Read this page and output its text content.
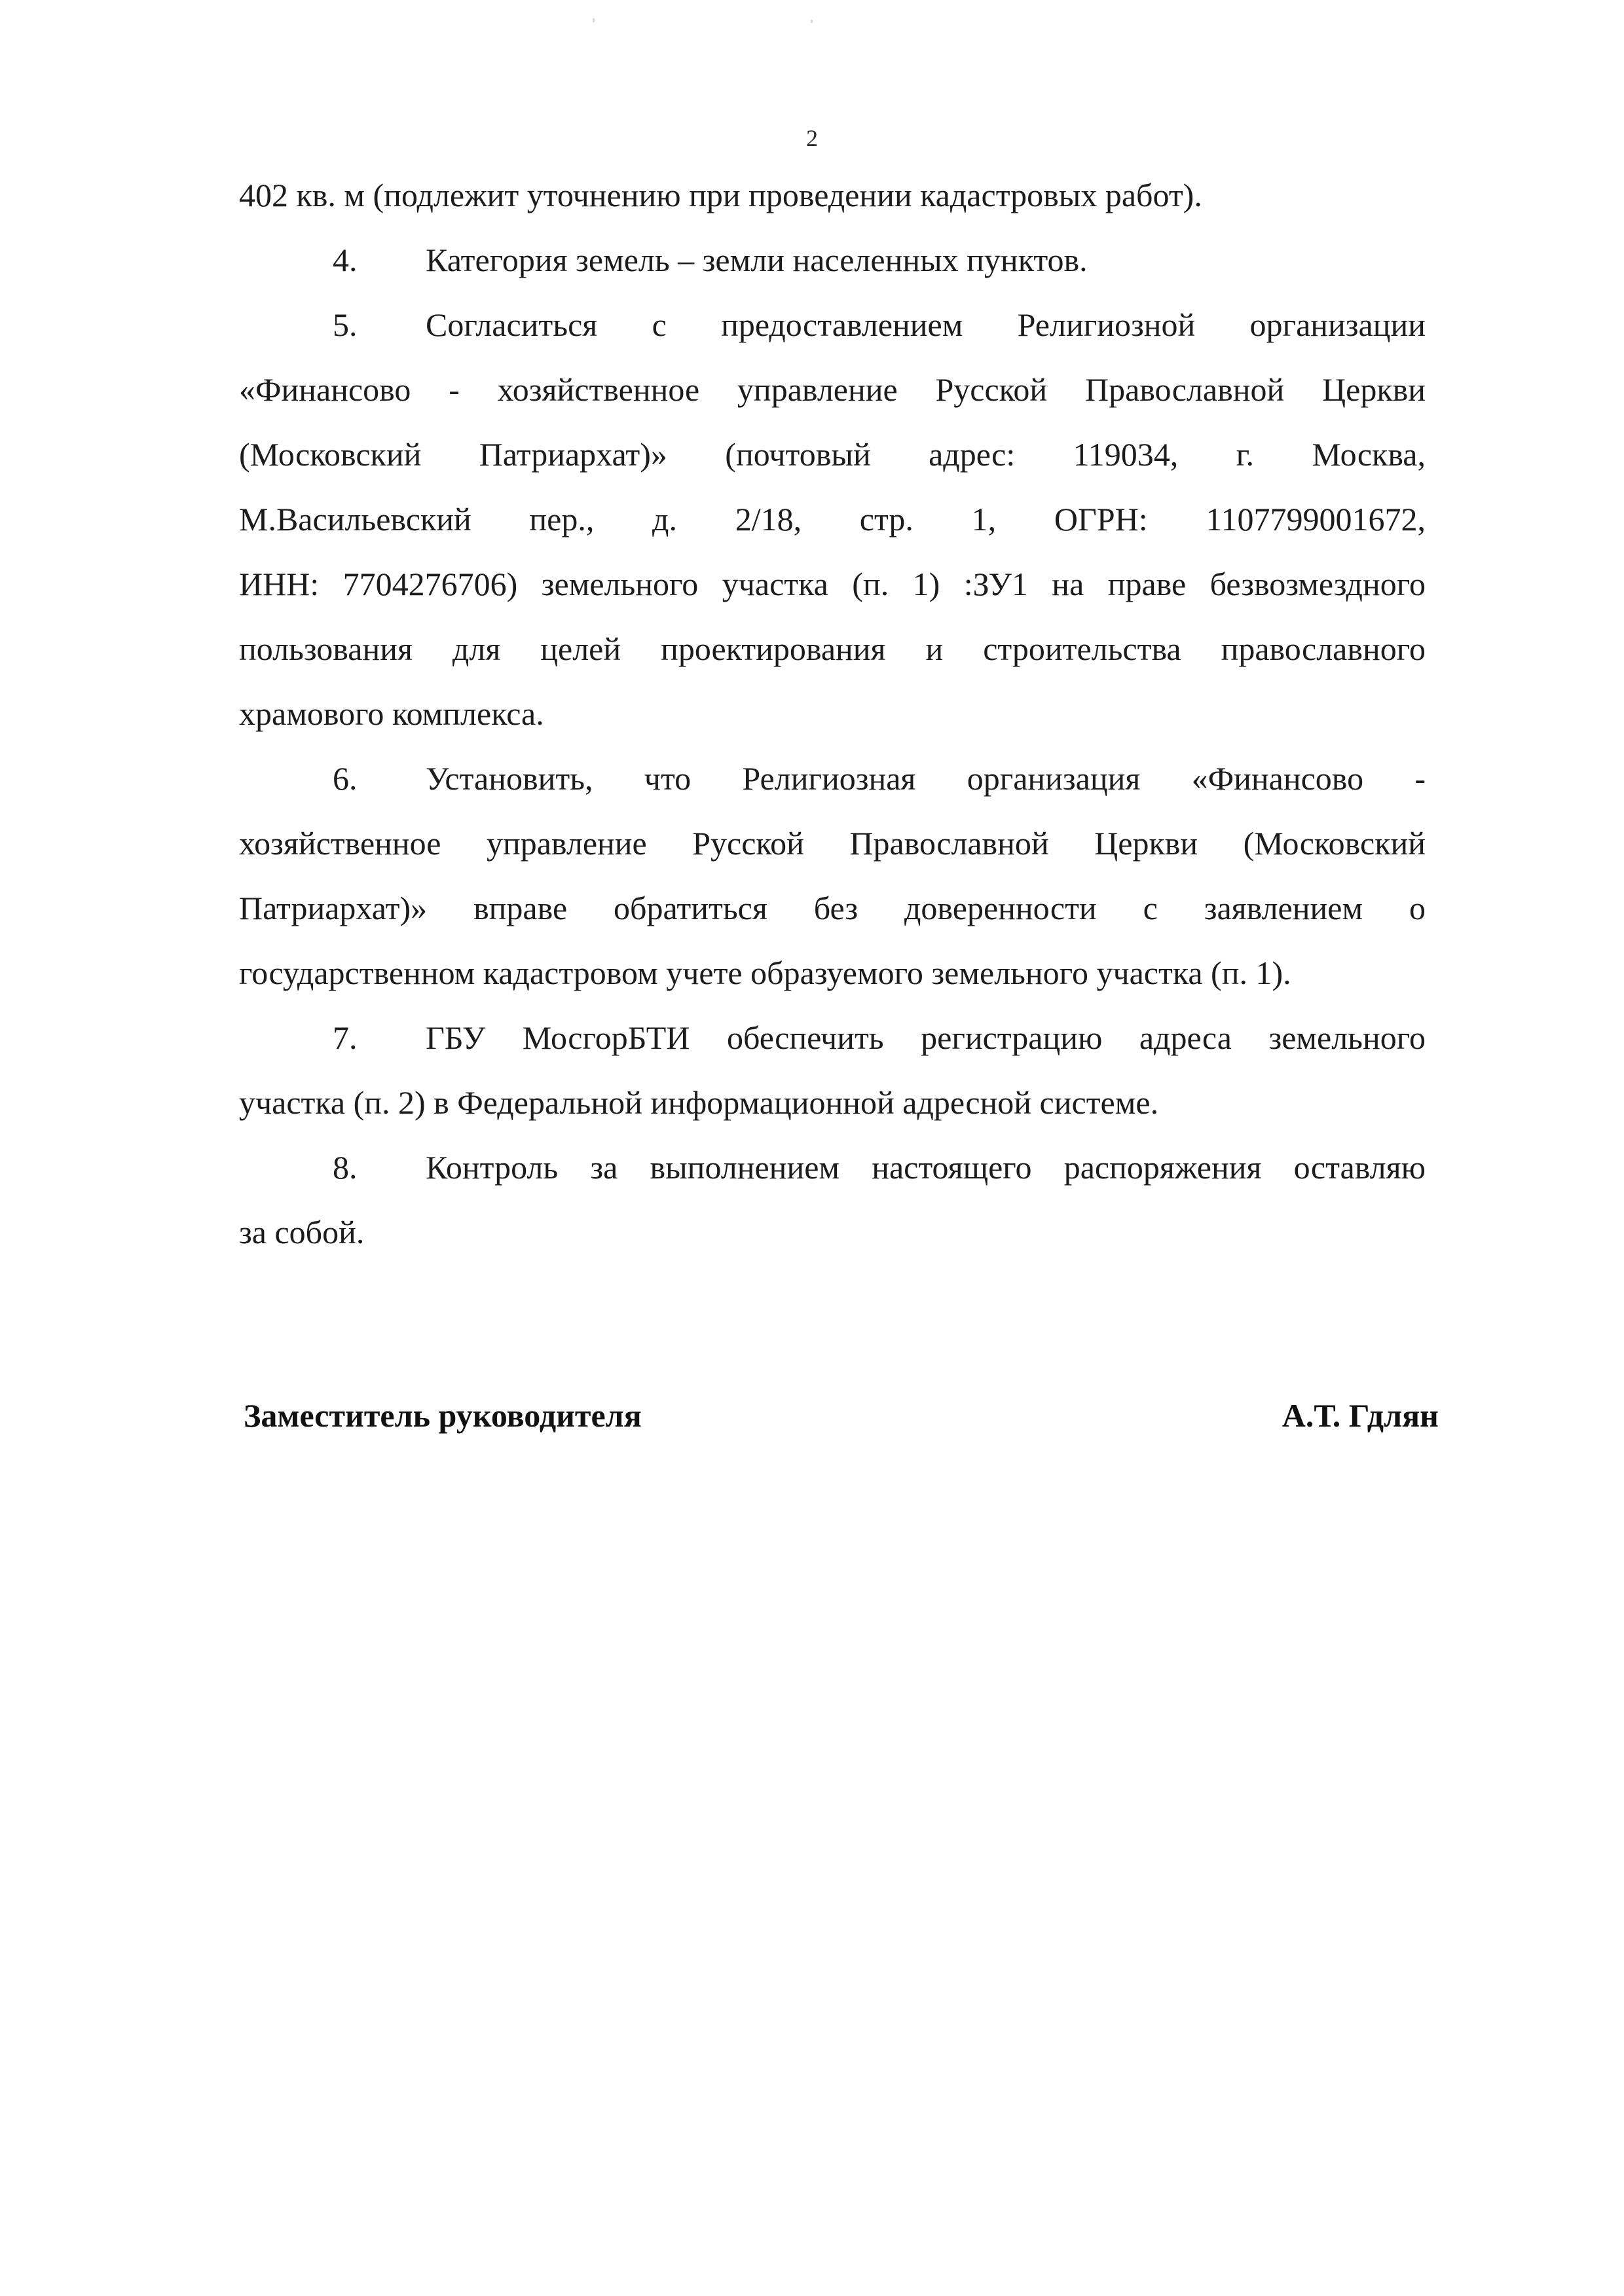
2
402 кв. м (подлежит уточнению при проведении кадастровых работ).
4. Категория земель – земли населенных пунктов.
5. Согласиться с предоставлением Религиозной организации
«Финансово - хозяйственное управление Русской Православной Церкви
(Московский Патриархат)» (почтовый адрес: 119034, г. Москва,
М.Васильевский пер., д. 2/18, стр. 1, ОГРН: 1107799001672,
ИНН: 7704276706) земельного участка (п. 1) :ЗУ1 на праве безвозмездного
пользования для целей проектирования и строительства православного
храмового комплекса.
6. Установить, что Религиозная организация «Финансово -
хозяйственное управление Русской Православной Церкви (Московский
Патриархат)» вправе обратиться без доверенности с заявлением о
государственном кадастровом учете образуемого земельного участка (п. 1).
7. ГБУ МосгорБТИ обеспечить регистрацию адреса земельного
участка (п. 2) в Федеральной информационной адресной системе.
8. Контроль за выполнением настоящего распоряжения оставляю
за собой.
Заместитель руководителя	А.Т. Гдлян
